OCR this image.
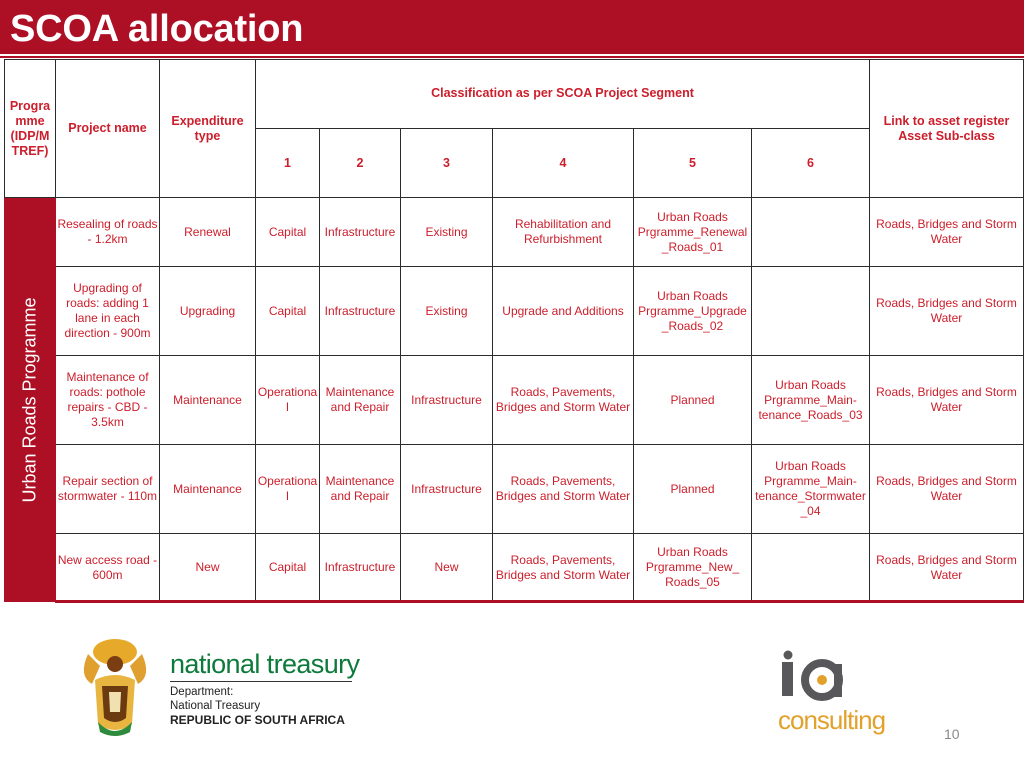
SCOA allocation
Progra mme (IDP/M TREF)	Project name	Expenditure type	Classification as per SCOA Project Segment						Link to asset register Asset Sub-class
			1	2	3	4	5	6	

Urban Roads Programme	Resealing of roads - 1.2km	Renewal	Capital	Infrastructure	Existing	Rehabilitation and Refurbishment	Urban Roads Prgramme_Renewal _Roads_01		Roads, Bridges and Storm Water
	Upgrading of roads: adding 1 lane in each direction - 900m	Upgrading	Capital	Infrastructure	Existing	Upgrade and Additions	Urban Roads Prgramme_Upgrade _Roads_02		Roads, Bridges and Storm Water
	Maintenance of roads: pothole repairs - CBD - 3.5km	Maintenance	Operationa l	Maintenance and Repair	Infrastructure	Roads, Pavements, Bridges and Storm Water	Planned	Urban Roads Prgramme_Main- tenance_Roads_03	Roads, Bridges and Storm Water
	Repair section of stormwater - 110m	Maintenance	Operationa l	Maintenance and Repair	Infrastructure	Roads, Pavements, Bridges and Storm Water	Planned	Urban Roads Prgramme_Main- tenance_Stormwater _04	Roads, Bridges and Storm Water
	New access road - 600m	New	Capital	Infrastructure	New	Roads, Pavements, Bridges and Storm Water	Urban Roads Prgramme_New_ Roads_05		Roads, Bridges and Storm Water
national treasury
Department:
National Treasury
REPUBLIC OF SOUTH AFRICA	consulting	10
